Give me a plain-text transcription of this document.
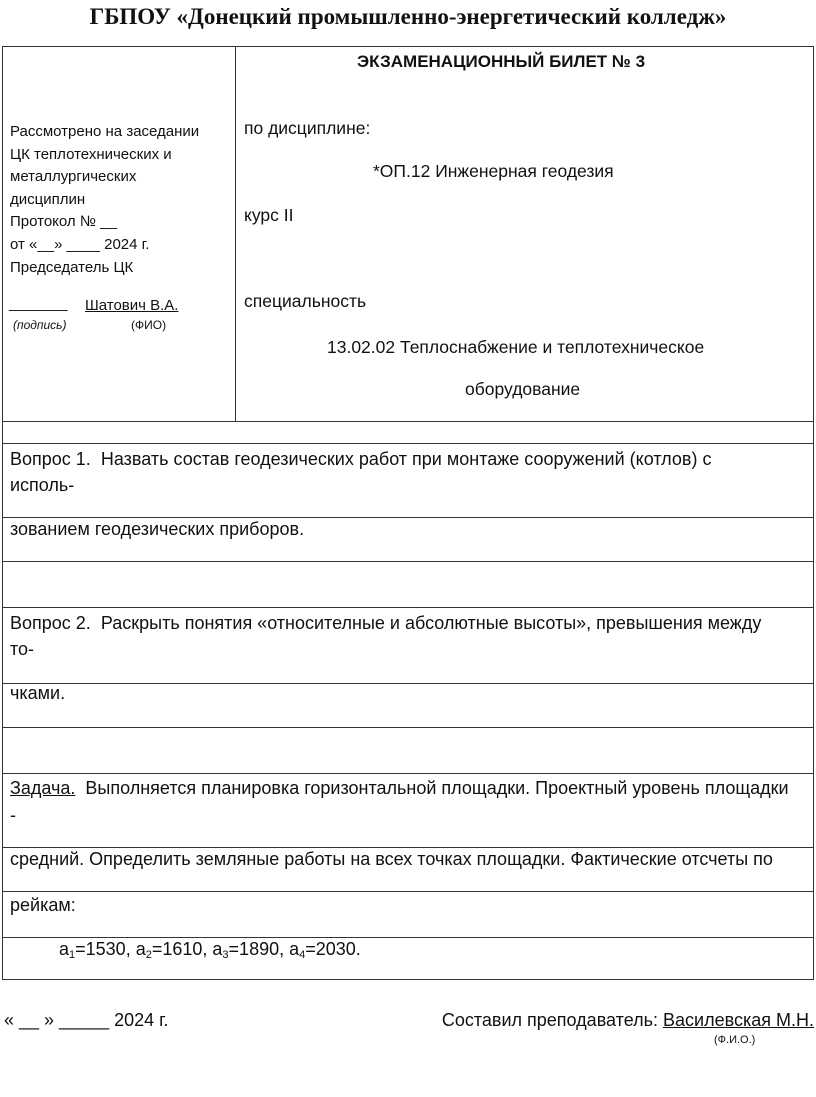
ГБПОУ «Донецкий промышленно-энергетический колледж»
Рассмотрено на заседании
ЦК теплотехнических и
металлургических
дисциплин
Протокол № __
от «__» ____ 2024 г.
Председатель ЦК
_______ Шатович В.А.
(подпись)	(ФИО)
ЭКЗАМЕНАЦИОННЫЙ БИЛЕТ № 3
по дисциплине:
*ОП.12 Инженерная геодезия
курс II
специальность
13.02.02 Теплоснабжение и теплотехническое
оборудование
Вопрос 1. Назвать состав геодезических работ при монтаже сооружений (котлов) с
исполь-
зованием геодезических приборов.
Вопрос 2. Раскрыть понятия «относителные и абсолютные высоты», превышения между
то-
чками.
Задача. Выполняется планировка горизонтальной площадки. Проектный уровень площадки
-
средний. Определить земляные работы на всех точках площадки. Фактические отсчеты по
рейкам:
$a_1=1530$, $a_2=1610$, $a_3=1890$, $a_4=2030$.
« __ » _____ 2024 г.	Составил преподаватель: Василевская М.Н.
(Ф.И.О.)
